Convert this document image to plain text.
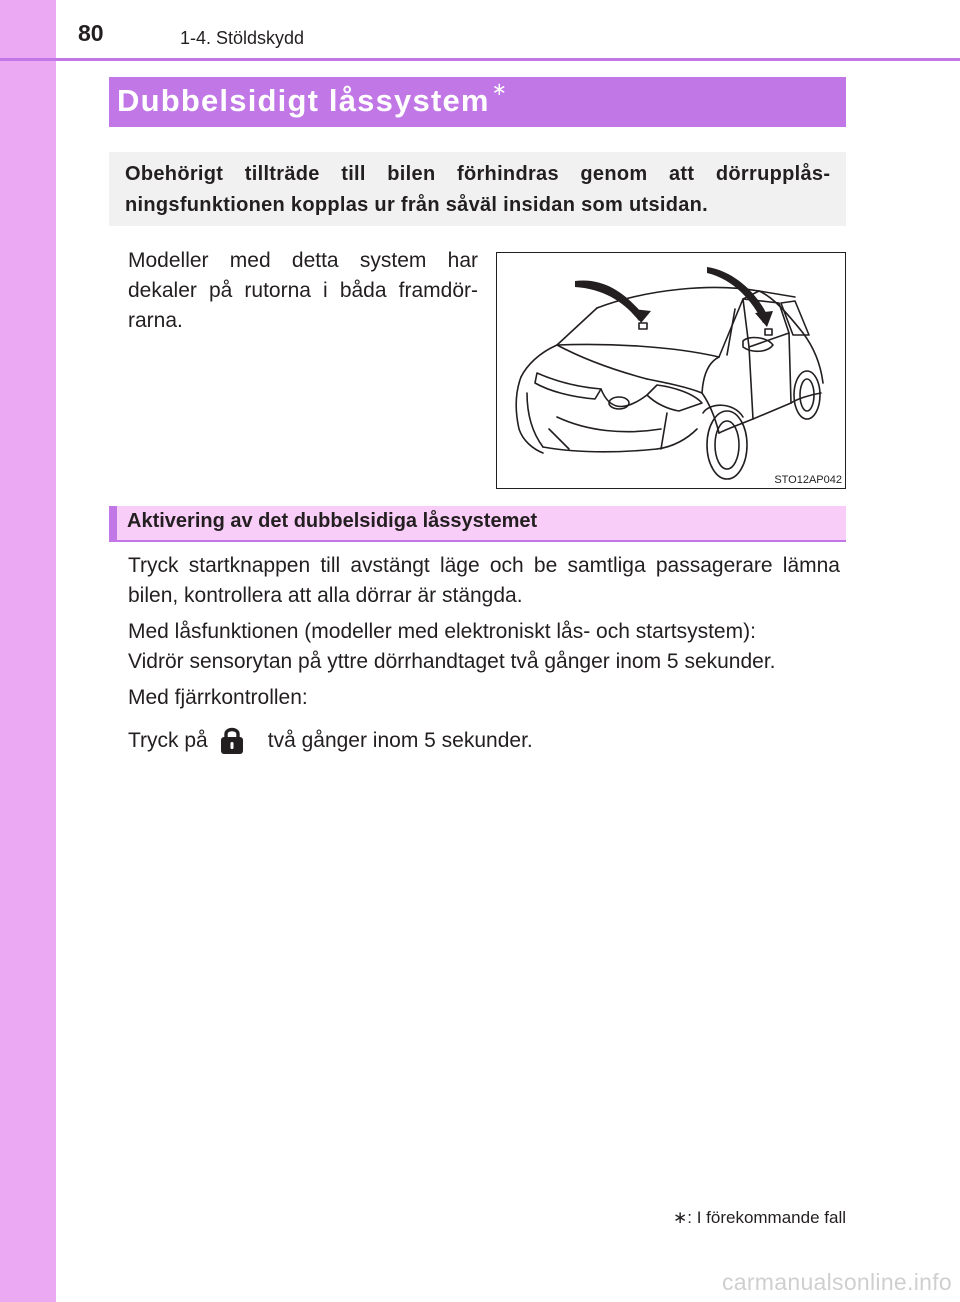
80	1-4. Stöldskydd
Dubbelsidigt låssystem ∗
Obehörigt tillträde till bilen förhindras genom att dörrupplåsningsfunktionen kopplas ur från såväl insidan som utsidan.
Modeller med detta system har dekaler på rutorna i båda framdörrarna.
STO12AP042
Aktivering av det dubbelsidiga låssystemet
Tryck startknappen till avstängt läge och be samtliga passagerare lämna bilen, kontrollera att alla dörrar är stängda.
Med låsfunktionen (modeller med elektroniskt lås- och startsystem):
Vidrör sensorytan på yttre dörrhandtaget två gånger inom 5 sekunder.
Med fjärrkontrollen:
Tryck på	två gånger inom 5 sekunder.
∗: I förekommande fall
carmanualsonline.info
